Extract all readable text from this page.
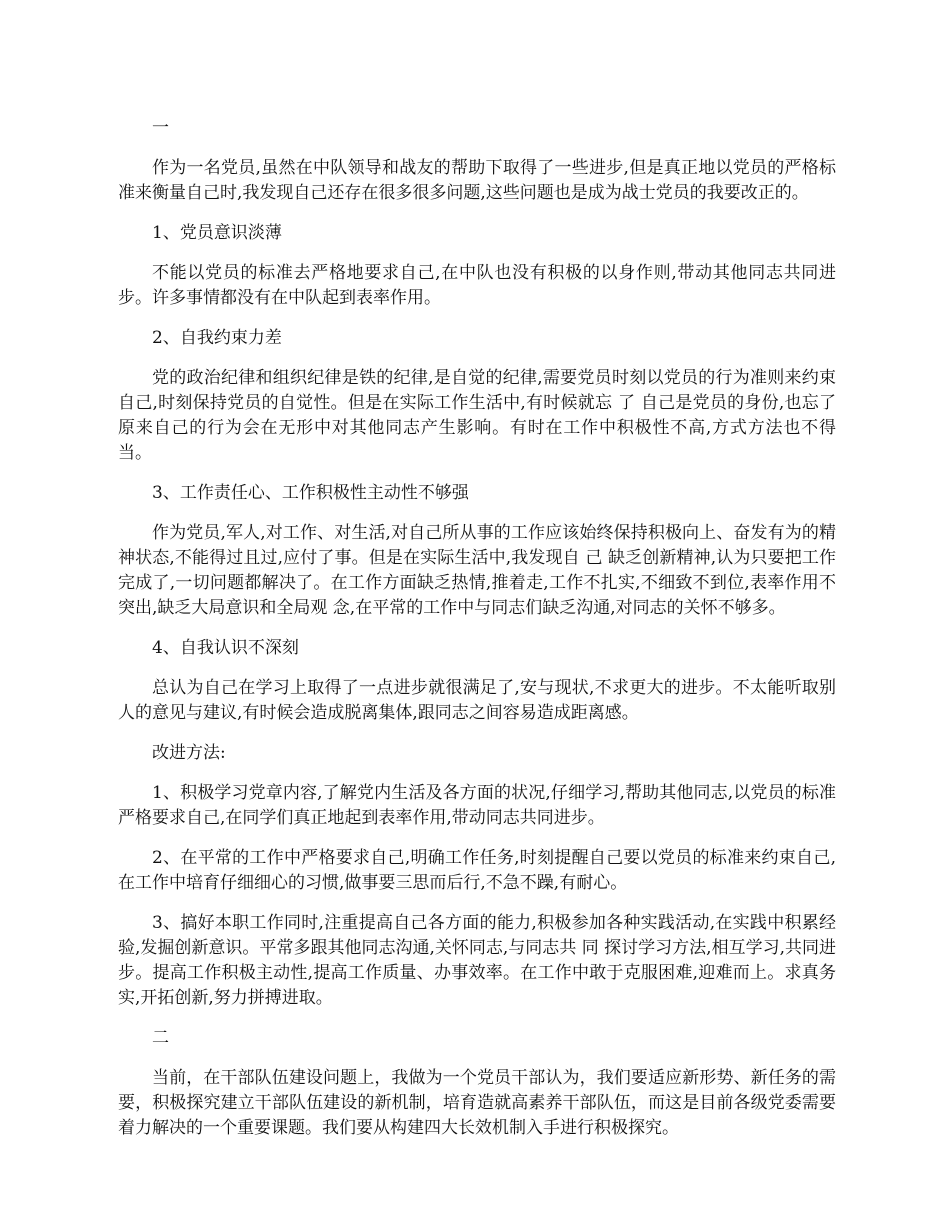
一

作为一名党员,虽然在中队领导和战友的帮助下取得了一些进步,但是真正地以党员的严格标准来衡量自己时,我发现自己还存在很多很多问题,这些问题也是成为战士党员的我要改正的。

1、党员意识淡薄

不能以党员的标准去严格地要求自己,在中队也没有积极的以身作则,带动其他同志共同进步。许多事情都没有在中队起到表率作用。

2、自我约束力差

党的政治纪律和组织纪律是铁的纪律,是自觉的纪律,需要党员时刻以党员的行为准则来约束自己,时刻保持党员的自觉性。但是在实际工作生活中,有时候就忘 了 自己是党员的身份,也忘了原来自己的行为会在无形中对其他同志产生影响。有时在工作中积极性不高,方式方法也不得当。

3、工作责任心、工作积极性主动性不够强

作为党员,军人,对工作、对生活,对自己所从事的工作应该始终保持积极向上、奋发有为的精神状态,不能得过且过,应付了事。但是在实际生活中,我发现自 己 缺乏创新精神,认为只要把工作完成了,一切问题都解决了。在工作方面缺乏热情,推着走,工作不扎实,不细致不到位,表率作用不突出,缺乏大局意识和全局观 念,在平常的工作中与同志们缺乏沟通,对同志的关怀不够多。

4、自我认识不深刻

总认为自己在学习上取得了一点进步就很满足了,安与现状,不求更大的进步。不太能听取别人的意见与建议,有时候会造成脱离集体,跟同志之间容易造成距离感。

改进方法:

1、积极学习党章内容,了解党内生活及各方面的状况,仔细学习,帮助其他同志,以党员的标准严格要求自己,在同学们真正地起到表率作用,带动同志共同进步。

2、在平常的工作中严格要求自己,明确工作任务,时刻提醒自己要以党员的标准来约束自己,在工作中培育仔细细心的习惯,做事要三思而后行,不急不躁,有耐心。

3、搞好本职工作同时,注重提高自己各方面的能力,积极参加各种实践活动,在实践中积累经验,发掘创新意识。平常多跟其他同志沟通,关怀同志,与同志共 同 探讨学习方法,相互学习,共同进步。提高工作积极主动性,提高工作质量、办事效率。在工作中敢于克服困难,迎难而上。求真务实,开拓创新,努力拼搏进取。

二

当前，在干部队伍建设问题上，我做为一个党员干部认为，我们要适应新形势、新任务的需要，积极探究建立干部队伍建设的新机制，培育造就高素养干部队伍，而这是目前各级党委需要着力解决的一个重要课题。我们要从构建四大长效机制入手进行积极探究。
